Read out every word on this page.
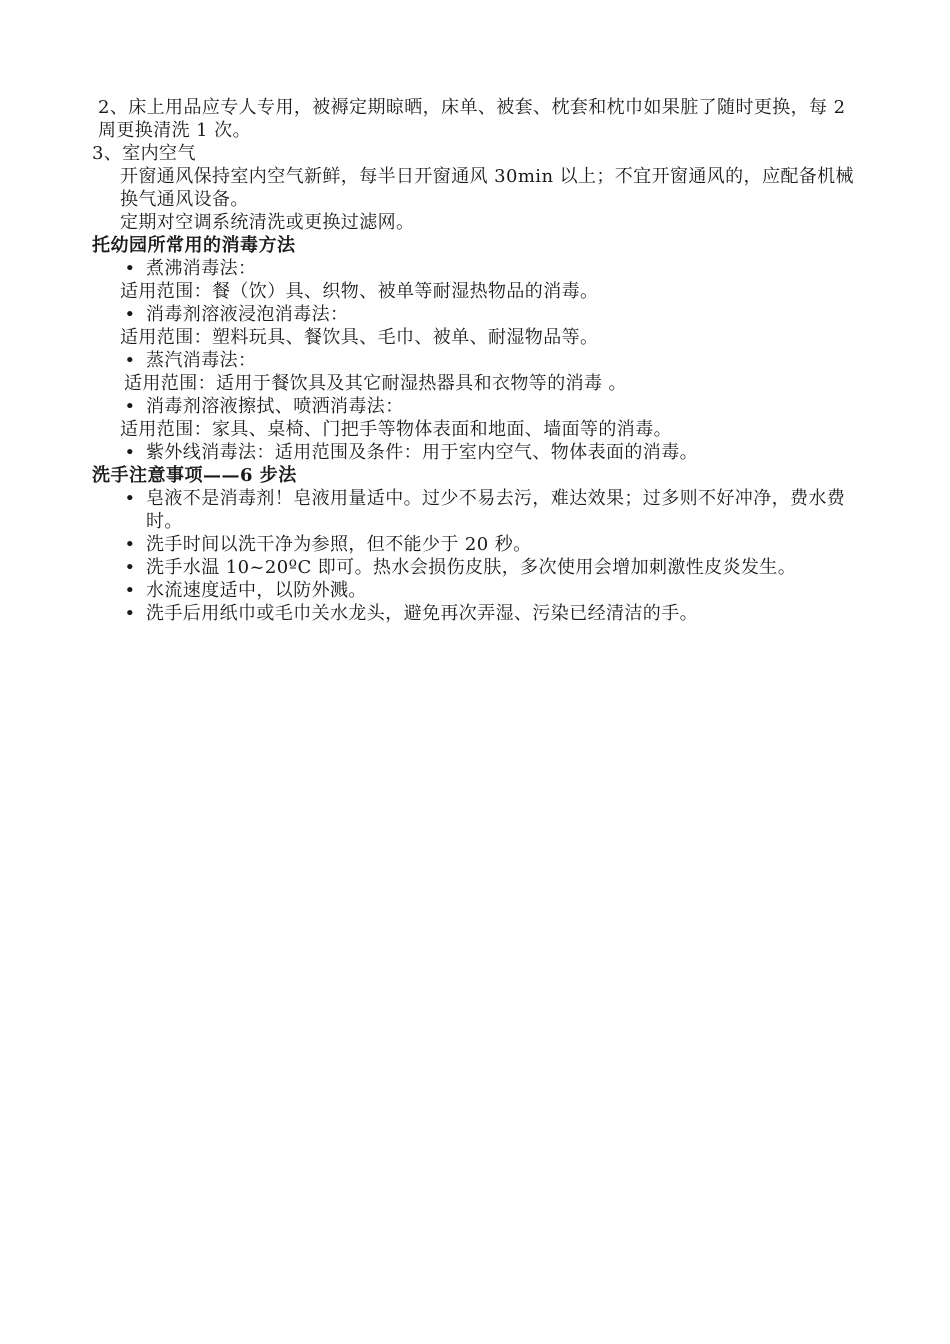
2、床上用品应专人专用，被褥定期晾晒，床单、被套、枕套和枕巾如果脏了随时更换，每 2 周更换清洗 1 次。

3、室内空气

开窗通风保持室内空气新鲜，每半日开窗通风 30min 以上；不宜开窗通风的，应配备机械换气通风设备。

定期对空调系统清洗或更换过滤网。

托幼园所常用的消毒方法

• 煮沸消毒法：

适用范围：餐（饮）具、织物、被单等耐湿热物品的消毒。

• 消毒剂溶液浸泡消毒法：

适用范围：塑料玩具、餐饮具、毛巾、被单、耐湿物品等。

• 蒸汽消毒法：

适用范围：适用于餐饮具及其它耐湿热器具和衣物等的消毒 。

• 消毒剂溶液擦拭、喷洒消毒法：

适用范围：家具、桌椅、门把手等物体表面和地面、墙面等的消毒。

• 紫外线消毒法：适用范围及条件：用于室内空气、物体表面的消毒。

洗手注意事项——6 步法

• 皂液不是消毒剂！皂液用量适中。过少不易去污，难达效果；过多则不好冲净，费水费时。
• 洗手时间以洗干净为参照，但不能少于 20 秒。
• 洗手水温 10~20ºC 即可。热水会损伤皮肤，多次使用会增加刺激性皮炎发生。
• 水流速度适中，以防外溅。
• 洗手后用纸巾或毛巾关水龙头，避免再次弄湿、污染已经清洁的手。
